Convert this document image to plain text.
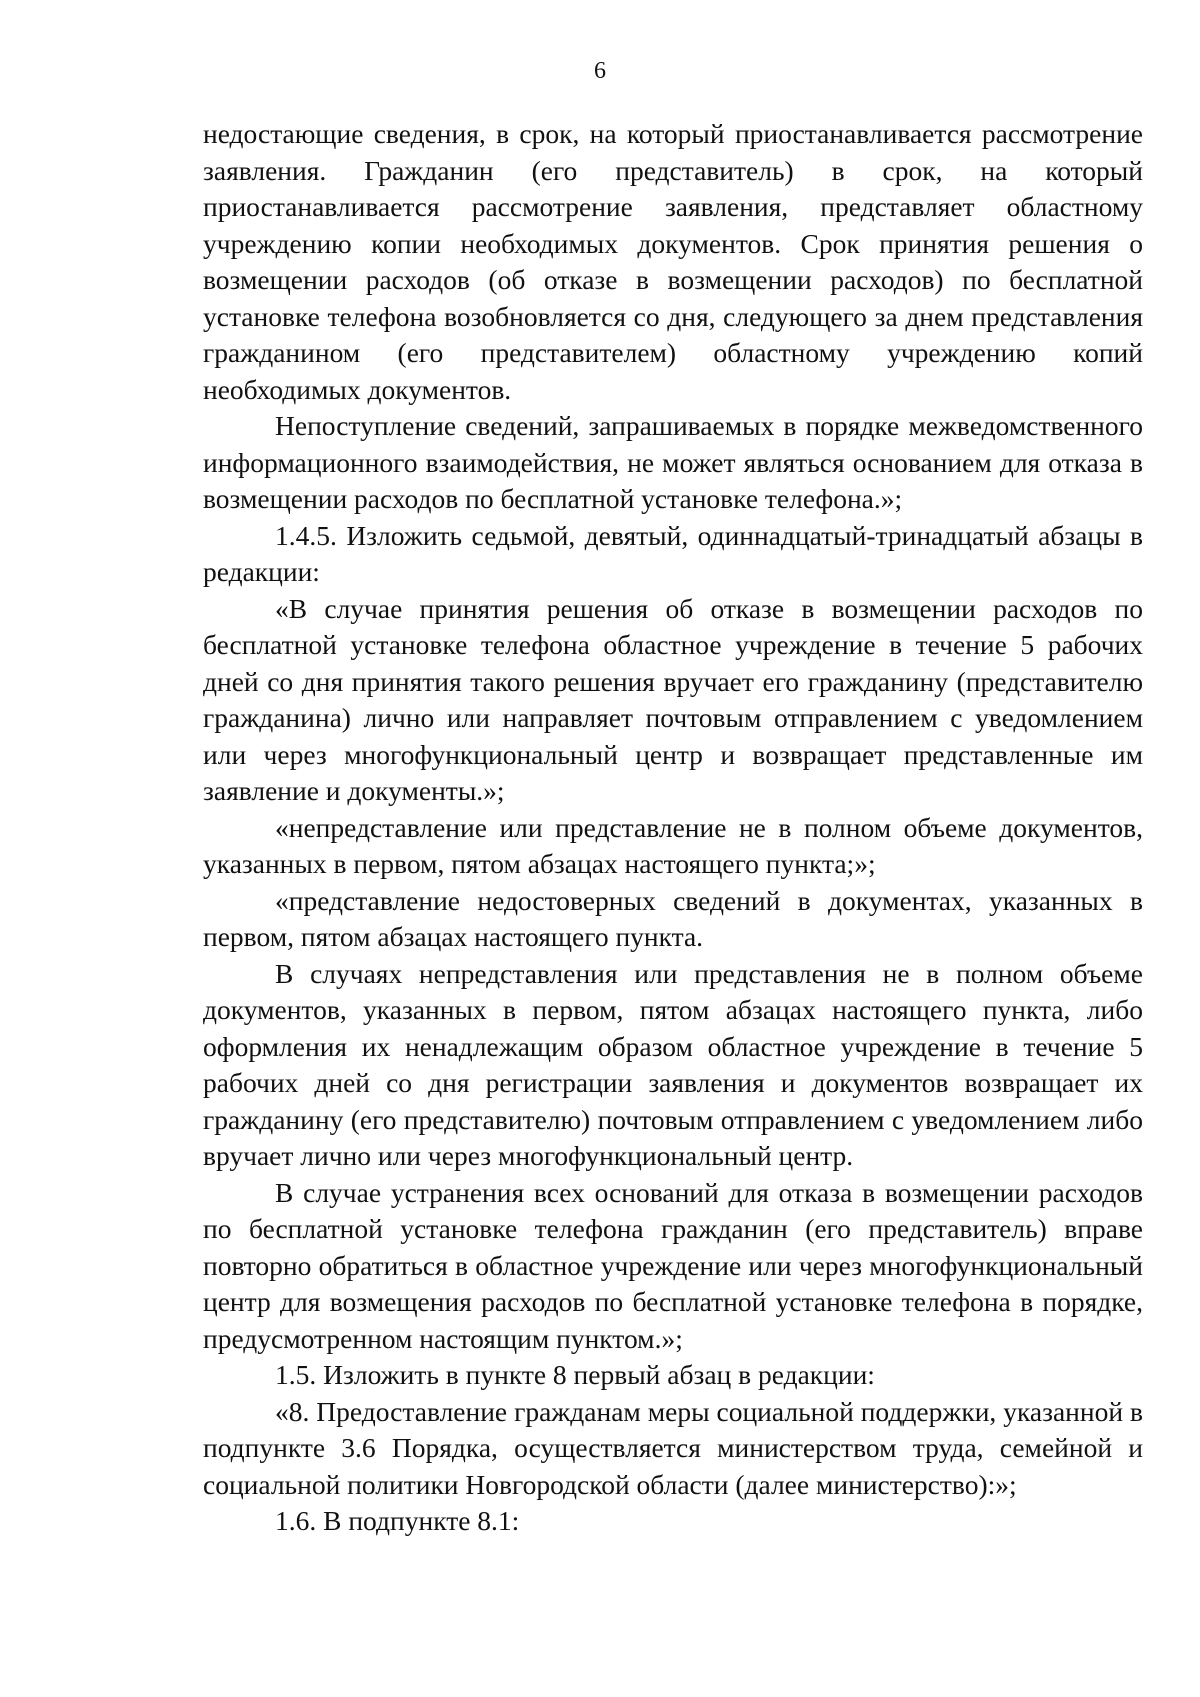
6

недостающие сведения, в срок, на который приостанавливается рассмотрение заявления. Гражданин (его представитель) в срок, на который приостанавливается рассмотрение заявления, представляет областному учреждению копии необходимых документов. Срок принятия решения о возмещении расходов (об отказе в возмещении расходов) по бесплатной установке телефона возобновляется со дня, следующего за днем представления гражданином (его представителем) областному учреждению копий необходимых документов.

Непоступление сведений, запрашиваемых в порядке межведомственного информационного взаимодействия, не может являться основанием для отказа в возмещении расходов по бесплатной установке телефона.»;

1.4.5. Изложить седьмой, девятый, одиннадцатый-тринадцатый абзацы в редакции:

«В случае принятия решения об отказе в возмещении расходов по бесплатной установке телефона областное учреждение в течение 5 рабочих дней со дня принятия такого решения вручает его гражданину (представителю гражданина) лично или направляет почтовым отправлением с уведомлением или через многофункциональный центр и возвращает представленные им заявление и документы.»;

«непредставление или представление не в полном объеме документов, указанных в первом, пятом абзацах настоящего пункта;»;

«представление недостоверных сведений в документах, указанных в первом, пятом абзацах настоящего пункта.

В случаях непредставления или представления не в полном объеме документов, указанных в первом, пятом абзацах настоящего пункта, либо оформления их ненадлежащим образом областное учреждение в течение 5 рабочих дней со дня регистрации заявления и документов возвращает их гражданину (его представителю) почтовым отправлением с уведомлением либо вручает лично или через многофункциональный центр.

В случае устранения всех оснований для отказа в возмещении расходов по бесплатной установке телефона гражданин (его представитель) вправе повторно обратиться в областное учреждение или через многофункциональный центр для возмещения расходов по бесплатной установке телефона в порядке, предусмотренном настоящим пунктом.»;

1.5. Изложить в пункте 8 первый абзац в редакции:

«8. Предоставление гражданам меры социальной поддержки, указанной в подпункте 3.6 Порядка, осуществляется министерством труда, семейной и социальной политики Новгородской области (далее министерство):»;

1.6. В подпункте 8.1:
